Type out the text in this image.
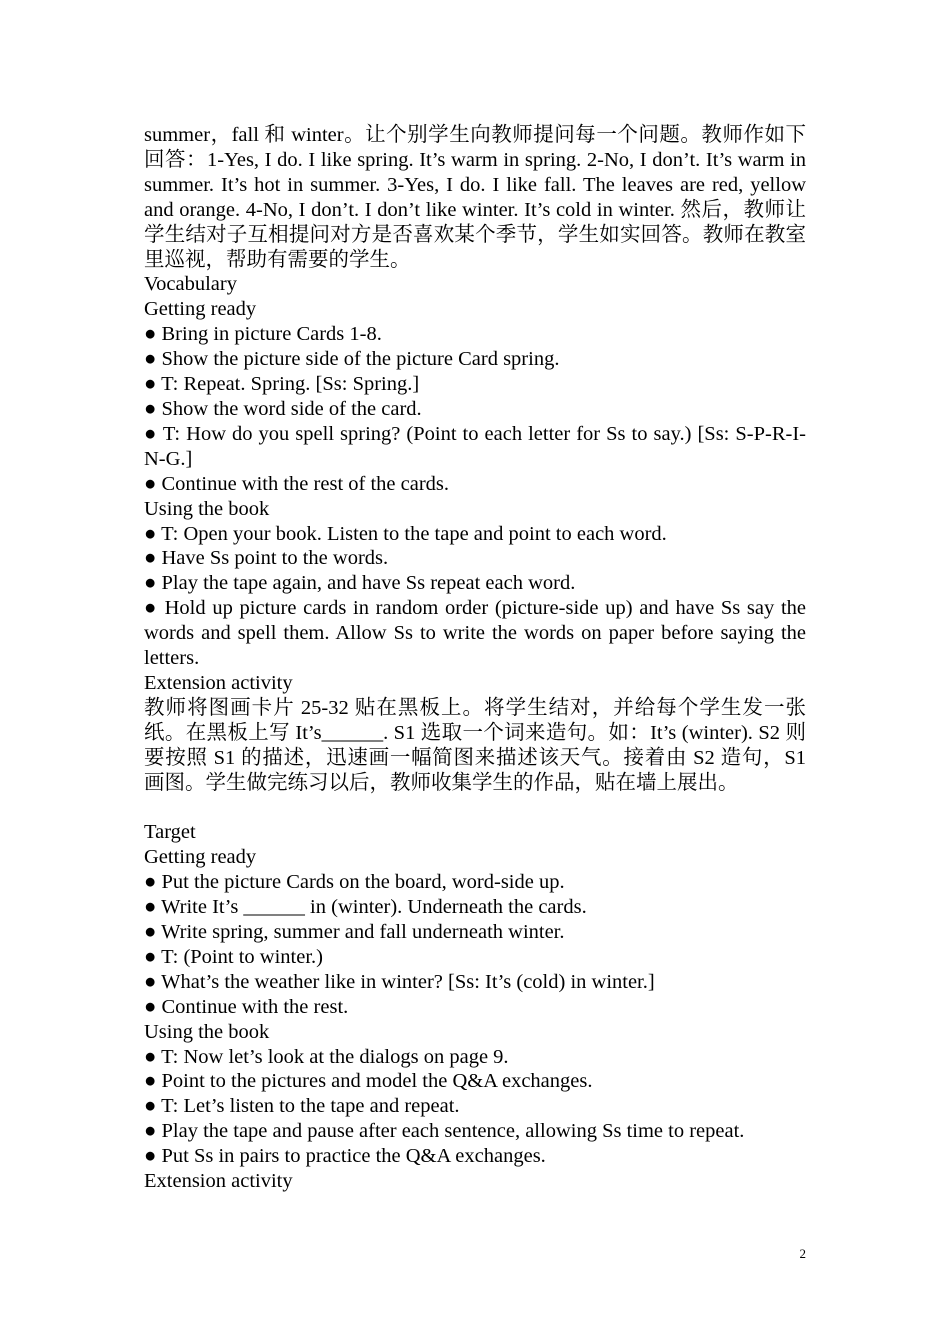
summer，fall 和 winter。让个别学生向教师提问每一个问题。教师作如下回答：1-Yes, I do. I like spring. It’s warm in spring. 2-No, I don’t. It’s warm in summer. It’s hot in summer. 3-Yes, I do. I like fall. The leaves are red, yellow and orange. 4-No, I don’t. I don’t like winter. It’s cold in winter. 然后，教师让学生结对子互相提问对方是否喜欢某个季节，学生如实回答。教师在教室里巡视，帮助有需要的学生。

Vocabulary

Getting ready

● Bring in picture Cards 1-8.

● Show the picture side of the picture Card spring.

● T: Repeat. Spring. [Ss: Spring.]

● Show the word side of the card.

● T: How do you spell spring? (Point to each letter for Ss to say.) [Ss: S-P-R-I-N-G.]

● Continue with the rest of the cards.

Using the book

● T: Open your book. Listen to the tape and point to each word.

● Have Ss point to the words.

● Play the tape again, and have Ss repeat each word.

● Hold up picture cards in random order (picture-side up) and have Ss say the words and spell them. Allow Ss to write the words on paper before saying the letters.

Extension activity

教师将图画卡片 25-32 贴在黑板上。将学生结对，并给每个学生发一张纸。在黑板上写 It’s______. S1 选取一个词来造句。如：It’s (winter). S2 则要按照 S1 的描述，迅速画一幅简图来描述该天气。接着由 S2 造句，S1 画图。学生做完练习以后，教师收集学生的作品，贴在墙上展出。

Target

Getting ready

● Put the picture Cards on the board, word-side up.

● Write It’s ______ in (winter). Underneath the cards.

● Write spring, summer and fall underneath winter.

● T: (Point to winter.)

● What’s the weather like in winter? [Ss: It’s (cold) in winter.]

● Continue with the rest.

Using the book

● T: Now let’s look at the dialogs on page 9.

● Point to the pictures and model the Q&A exchanges.

● T: Let’s listen to the tape and repeat.

● Play the tape and pause after each sentence, allowing Ss time to repeat.

● Put Ss in pairs to practice the Q&A exchanges.

Extension activity

2
